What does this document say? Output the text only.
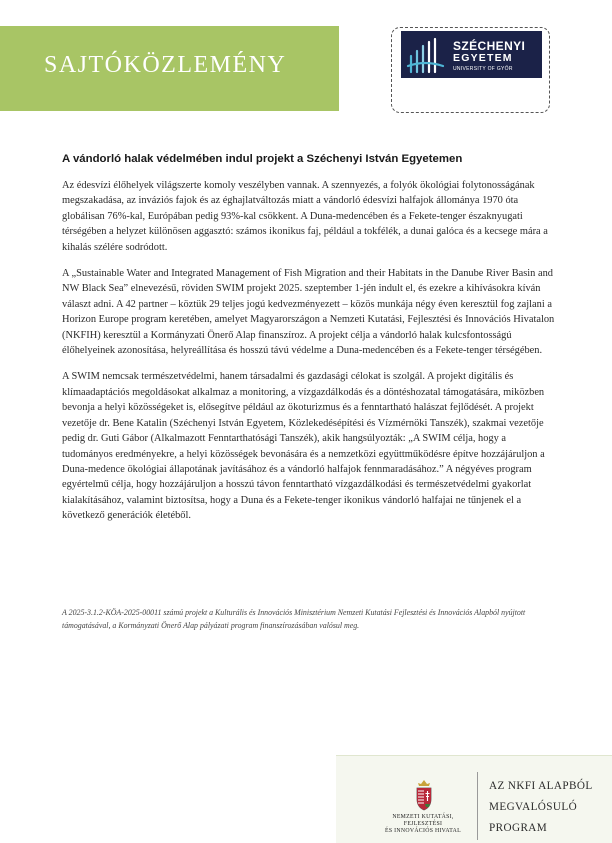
SAJTÓKÖZLEMÉNY
SZÉCHENYI
EGYETEM
UNIVERSITY OF GYŐR
A vándorló halak védelmében indul projekt a Széchenyi István Egyetemen

Az édesvízi élőhelyek világszerte komoly veszélyben vannak. A szennyezés, a folyók ökológiai folytonosságának megszakadása, az inváziós fajok és az éghajlatváltozás miatt a vándorló édesvízi halfajok állománya 1970 óta globálisan 76%-kal, Európában pedig 93%-kal csökkent. A Duna-medencében és a Fekete-tenger északnyugati térségében a helyzet különösen aggasztó: számos ikonikus faj, például a tokfélék, a dunai galóca és a kecsege mára a kihalás szélére sodródott.

A „Sustainable Water and Integrated Management of Fish Migration and their Habitats in the Danube River Basin and NW Black Sea” elnevezésű, röviden SWIM projekt 2025. szeptember 1-jén indult el, és ezekre a kihívásokra kíván választ adni. A 42 partner – köztük 29 teljes jogú kedvezményezett – közös munkája négy éven keresztül fog zajlani a Horizon Europe program keretében, amelyet Magyarországon a Nemzeti Kutatási, Fejlesztési és Innovációs Hivatalon (NKFIH) keresztül a Kormányzati Önerő Alap finanszíroz. A projekt célja a vándorló halak kulcsfontosságú élőhelyeinek azonosítása, helyreállítása és hosszú távú védelme a Duna-medencében és a Fekete-tenger térségében.

A SWIM nemcsak természetvédelmi, hanem társadalmi és gazdasági célokat is szolgál. A projekt digitális és klímaadaptációs megoldásokat alkalmaz a monitoring, a vízgazdálkodás és a döntéshozatal támogatására, miközben bevonja a helyi közösségeket is, elősegítve például az ökoturizmus és a fenntartható halászat fejlődését. A projekt vezetője dr. Bene Katalin (Széchenyi István Egyetem, Közlekedésépítési és Vízmérnöki Tanszék), szakmai vezetője pedig dr. Guti Gábor (Alkalmazott Fenntarthatósági Tanszék), akik hangsúlyozták: „A SWIM célja, hogy a tudományos eredményekre, a helyi közösségek bevonására és a nemzetközi együttműködésre építve hozzájáruljon a Duna-medence ökológiai állapotának javításához és a vándorló halfajok fennmaradásához.” A négyéves program egyértelmű célja, hogy hozzájáruljon a hosszú távon fenntartható vízgazdálkodási és természetvédelmi gyakorlat kialakításához, valamint biztosítsa, hogy a Duna és a Fekete-tenger ikonikus vándorló halfajai ne tűnjenek el a következő generációk életéből.

A 2025-3.1.2-KÖA-2025-00011 számú projekt a Kulturális és Innovációs Minisztérium Nemzeti Kutatási Fejlesztési és Innovációs Alapból nyújtott támogatásával, a Kormányzati Önerő Alap pályázati program finanszírozásában valósul meg.

NEMZETI KUTATÁSI, FEJLESZTÉSI
ÉS INNOVÁCIÓS HIVATAL
AZ NKFI ALAPBÓL
MEGVALÓSULÓ
PROGRAM
